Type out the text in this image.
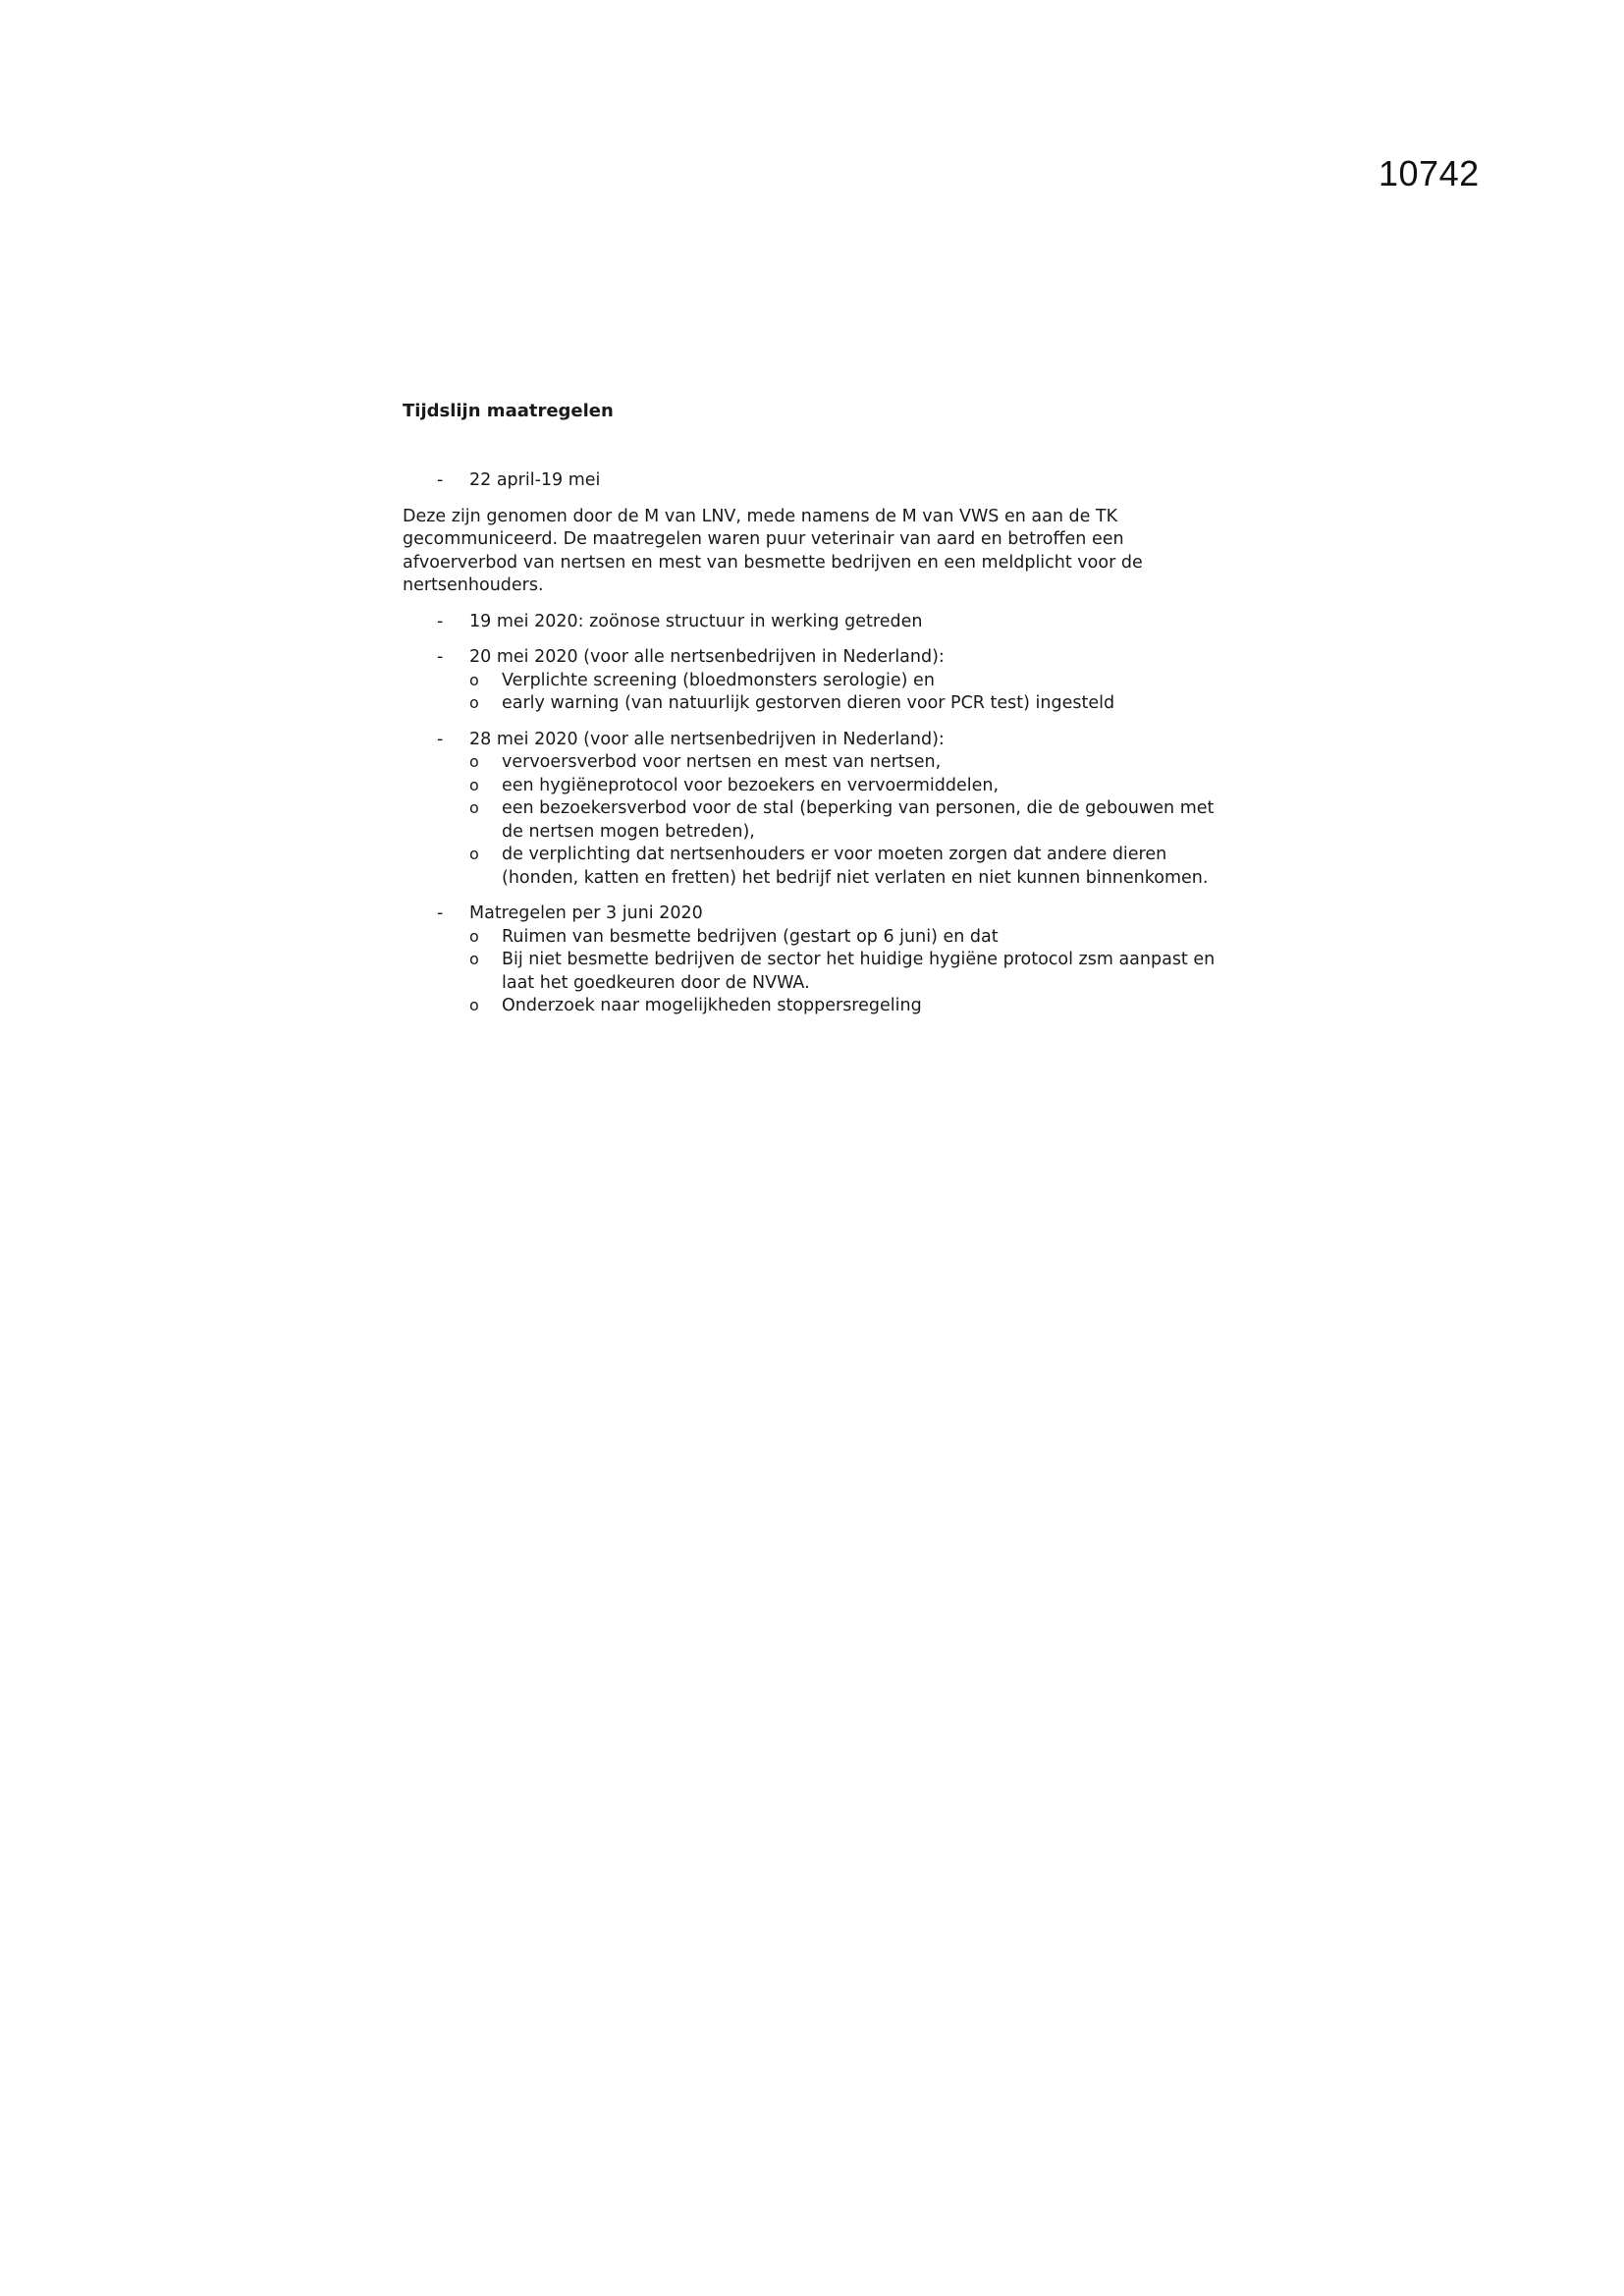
10742
Tijdslijn maatregelen
- 22 april-19 mei

Deze zijn genomen door de M van LNV, mede namens de M van VWS en aan de TK gecommuniceerd. De maatregelen waren puur veterinair van aard en betroffen een afvoerverbod van nertsen en mest van besmette bedrijven en een meldplicht voor de nertsenhouders.

- 19 mei 2020: zoönose structuur in werking getreden
- 20 mei 2020 (voor alle nertsenbedrijven in Nederland):
o Verplichte screening (bloedmonsters serologie) en
o early warning (van natuurlijk gestorven dieren voor PCR test) ingesteld
- 28 mei 2020 (voor alle nertsenbedrijven in Nederland):
o vervoersverbod voor nertsen en mest van nertsen,
o een hygiëneprotocol voor bezoekers en vervoermiddelen,
o een bezoekersverbod voor de stal (beperking van personen, die de gebouwen met de nertsen mogen betreden),
o de verplichting dat nertsenhouders er voor moeten zorgen dat andere dieren (honden, katten en fretten) het bedrijf niet verlaten en niet kunnen binnenkomen.
- Matregelen per 3 juni 2020
o Ruimen van besmette bedrijven (gestart op 6 juni) en dat
o Bij niet besmette bedrijven de sector het huidige hygiëne protocol zsm aanpast en laat het goedkeuren door de NVWA.
o Onderzoek naar mogelijkheden stoppersregeling
